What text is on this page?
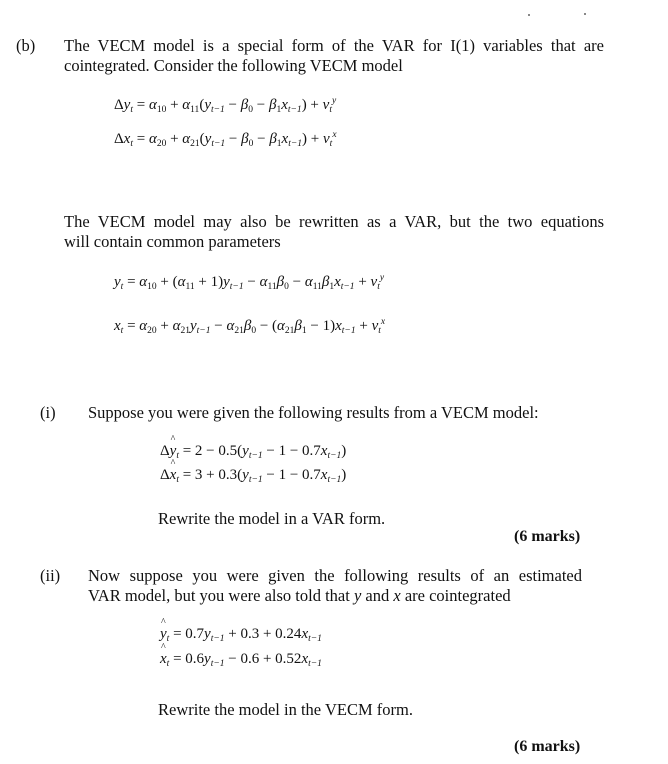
(b) The VECM model is a special form of the VAR for I(1) variables that are
cointegrated. Consider the following VECM model
$\Delta y_t = \alpha_{10} + \alpha_{11}(y_{t-1} - \beta_0 - \beta_1x_{t-1}) + v_t^y$
$\Delta x_t = \alpha_{20} + \alpha_{21}(y_{t-1} - \beta_0 - \beta_1x_{t-1}) + v_t^x$
The VECM model may also be rewritten as a VAR, but the two equations
will contain common parameters
$y_t = \alpha_{10} + (\alpha_{11} + 1)y_{t-1} - \alpha_{11}\beta_0 - \alpha_{11}\beta_1x_{t-1} + v_t^y$
$x_t = \alpha_{20} + \alpha_{21}y_{t-1} - \alpha_{21}\beta_0 - (\alpha_{21}\beta_1 - 1)x_{t-1} + v_t^x$
(i) Suppose you were given the following results from a VECM model:
Δy $\^{}_t = 2 - 0.5(y_{t-1} - 1 - 0.7x_{t-1})$
Δx $\^{}_t = 3 + 0.3(y_{t-1} - 1 - 0.7x_{t-1})$
Rewrite the model in a VAR form.
(6 marks)
(ii) Now suppose you were given the following results of an estimated
VAR model, but you were also told that y and x are cointegrated
y $\^{}_t = 0.7y_{t-1} + 0.3 + 0.24x_{t-1}$
x $\^{}_t = 0.6y_{t-1} - 0.6 + 0.52x_{t-1}$
Rewrite the model in the VECM form.
(6 marks)
